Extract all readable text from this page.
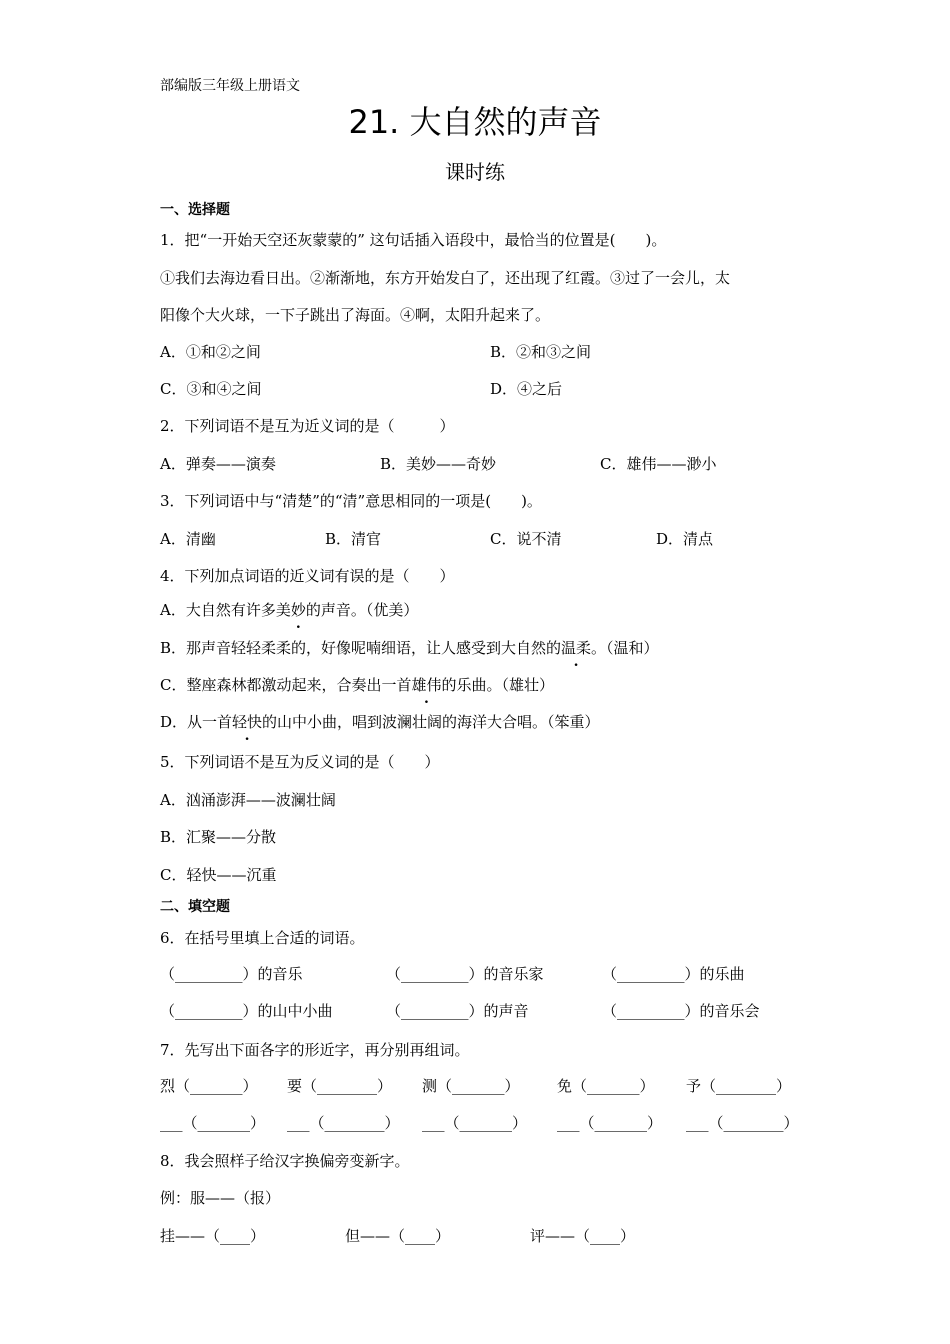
部编版三年级上册语文
21. 大自然的声音
课时练
一、选择题
1．把“一开始天空还灰蒙蒙的” 这句话插入语段中，最恰当的位置是(　　)。
①我们去海边看日出。②渐渐地，东方开始发白了，还出现了红霞。③过了一会儿，太
阳像个大火球，一下子跳出了海面。④啊，太阳升起来了。
A．①和②之间	B．②和③之间
C．③和④之间	D．④之后
2．下列词语不是互为近义词的是（　　　）
A．弹奏——演奏	B．美妙——奇妙	C．雄伟——渺小
3．下列词语中与“清楚”的“清”意思相同的一项是(　　)。
A．清幽	B．清官	C．说不清	D．清点
4．下列加点词语的近义词有误的是（　　）
A．大自然有许多美妙的声音。（优美）
B．那声音轻轻柔柔的，好像呢喃细语，让人感受到大自然的温柔。（温和）
C．整座森林都激动起来，合奏出一首雄伟的乐曲。（雄壮）
D．从一首轻快的山中小曲，唱到波澜壮阔的海洋大合唱。（笨重）
5．下列词语不是互为反义词的是（　　）
A．汹涌澎湃——波澜壮阔
B．汇聚——分散
C．轻快——沉重
二、填空题
6．在括号里填上合适的词语。
（_________）的音乐	（_________）的音乐家	（_________）的乐曲
（_________）的山中小曲	（_________）的声音	（_________）的音乐会
7．先写出下面各字的形近字，再分别再组词。
烈（_______） 要（________） 测（_______） 免（_______） 予（________）
___（_______） ___（________） ___（_______） ___（_______） ___（________）
8．我会照样子给汉字换偏旁变新字。
例：服——（报）
挂——（____）	但——（____）	评——（____）
